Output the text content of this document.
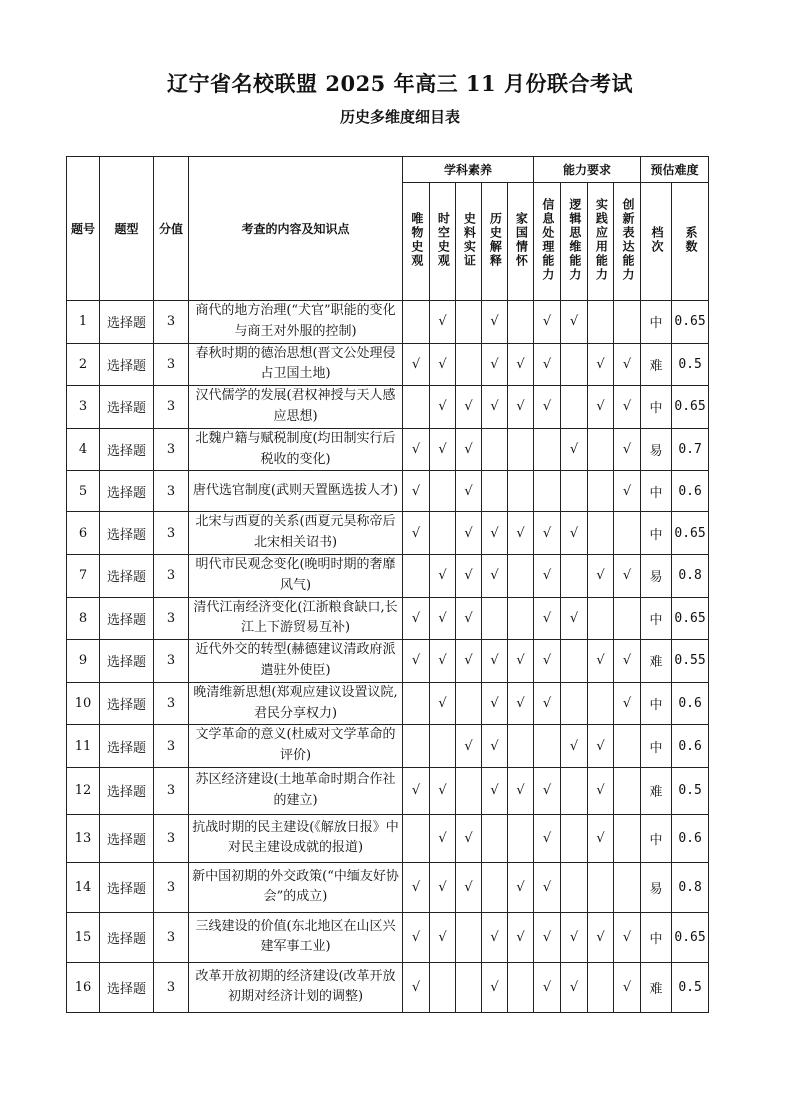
辽宁省名校联盟 2025 年高三 11 月份联合考试
历史多维度细目表
题号	题型	分值	考查的内容及知识点	学科素养					能力要求				预估难度	
				唯物史观	时空史观	史料实证	历史解释	家国情怀	信息处理能力	逻辑思维能力	实践应用能力	创新表达能力	档次	系数
1	选择题	3	商代的地方治理(“犬官”职能的变化与商王对外服的控制)		√		√		√	√			中	0.65
2	选择题	3	春秋时期的德治思想(晋文公处理侵占卫国土地)	√	√		√	√	√		√	√	难	0.5
3	选择题	3	汉代儒学的发展(君权神授与天人感应思想)		√	√	√	√	√		√	√	中	0.65
4	选择题	3	北魏户籍与赋税制度(均田制实行后税收的变化)	√	√	√				√		√	易	0.7
5	选择题	3	唐代选官制度(武则天置匦选拔人才)	√		√						√	中	0.6
6	选择题	3	北宋与西夏的关系(西夏元昊称帝后北宋相关诏书)	√		√	√	√	√	√			中	0.65
7	选择题	3	明代市民观念变化(晚明时期的奢靡风气)		√	√	√		√		√	√	易	0.8
8	选择题	3	清代江南经济变化(江浙粮食缺口,长江上下游贸易互补)	√	√	√			√	√			中	0.65
9	选择题	3	近代外交的转型(赫德建议清政府派遣驻外使臣)	√	√	√	√	√	√		√	√	难	0.55
10	选择题	3	晚清维新思想(郑观应建议设置议院,君民分享权力)		√		√	√	√			√	中	0.6
11	选择题	3	文学革命的意义(杜威对文学革命的评价)			√	√			√	√		中	0.6
12	选择题	3	苏区经济建设(土地革命时期合作社的建立)	√	√		√	√	√		√		难	0.5
13	选择题	3	抗战时期的民主建设(《解放日报》中对民主建设成就的报道)		√	√			√		√		中	0.6
14	选择题	3	新中国初期的外交政策(“中缅友好协会”的成立)	√	√	√		√	√				易	0.8
15	选择题	3	三线建设的价值(东北地区在山区兴建军事工业)	√	√		√	√	√	√	√	√	中	0.65
16	选择题	3	改革开放初期的经济建设(改革开放初期对经济计划的调整)	√			√		√	√		√	难	0.5
